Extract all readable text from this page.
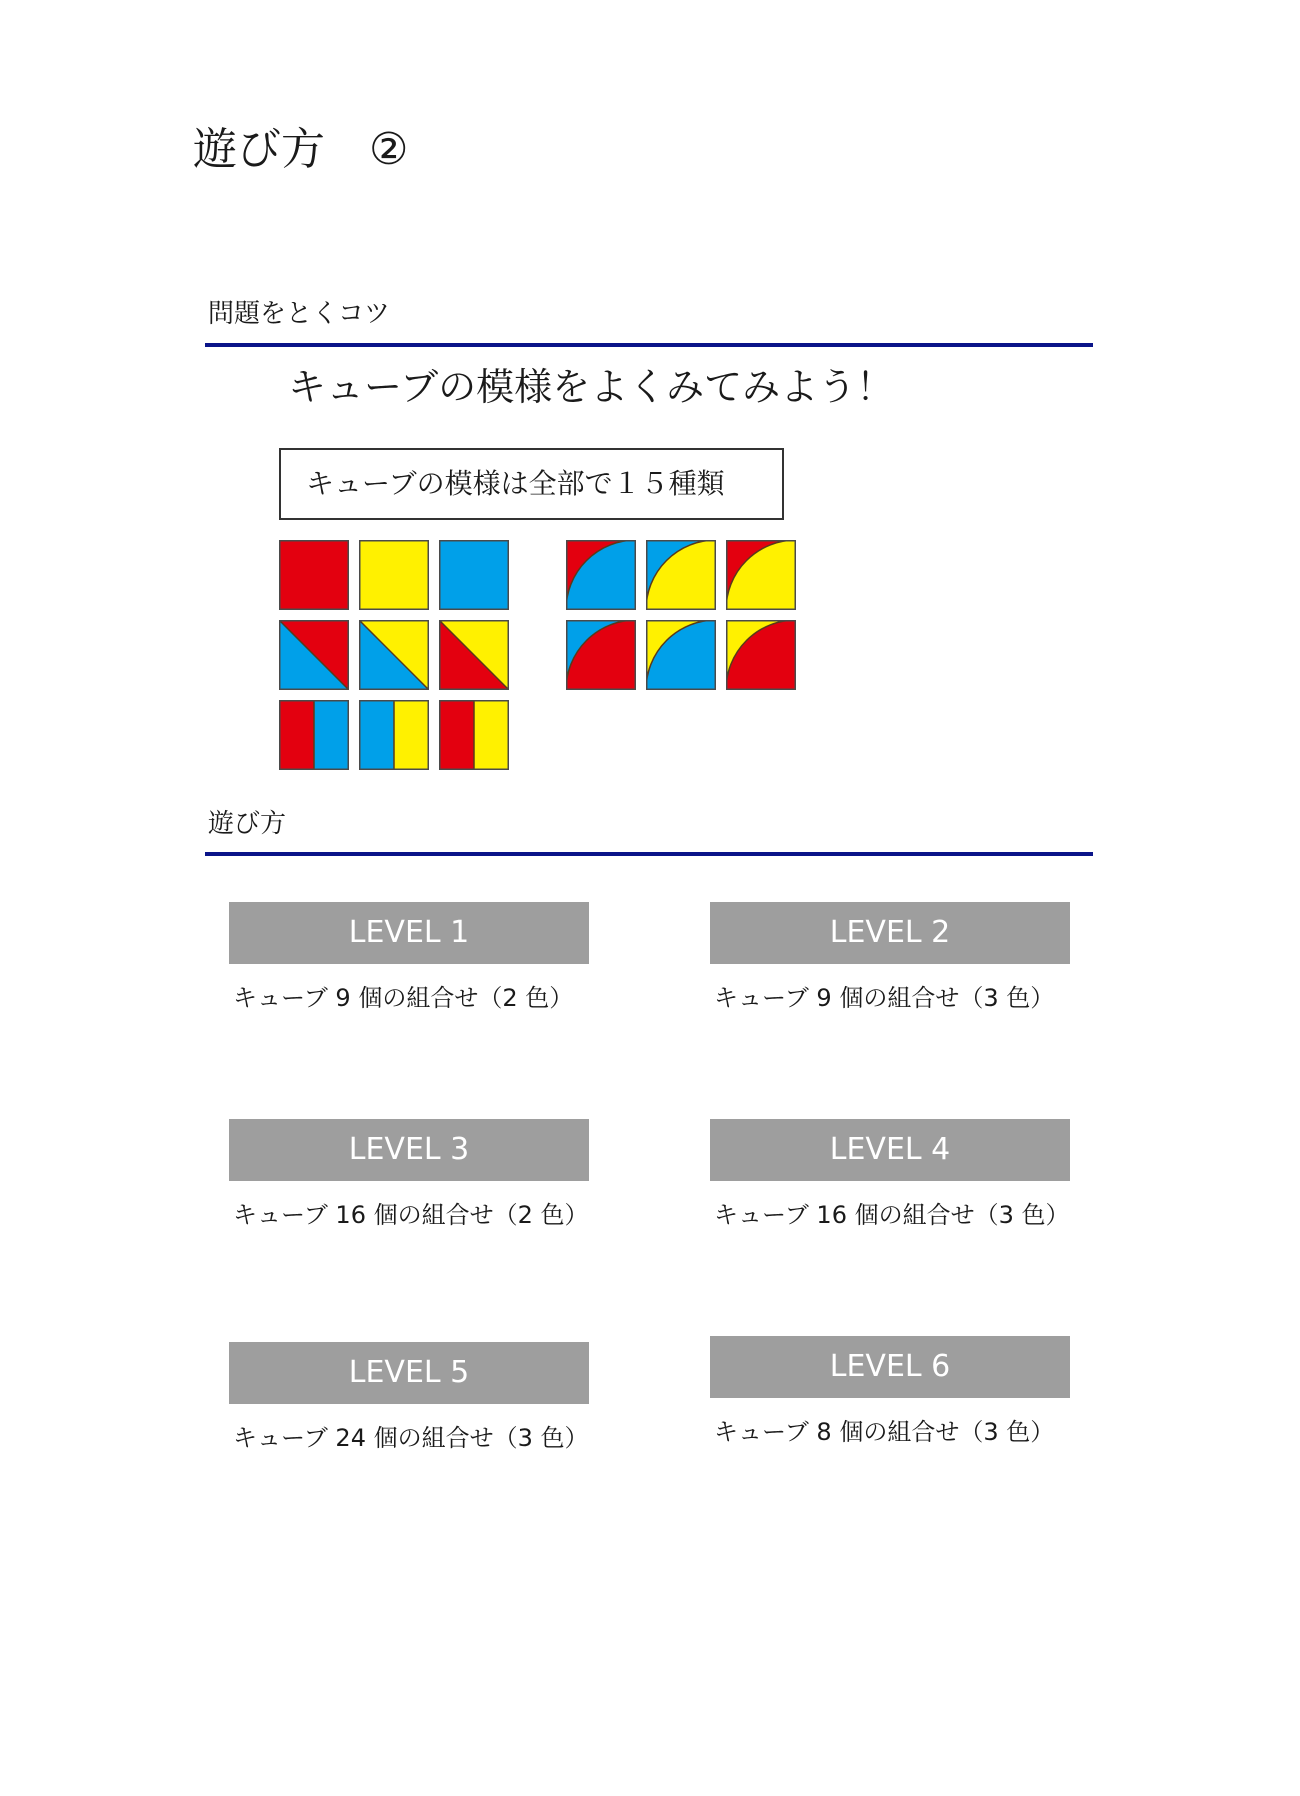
遊び方 ②
問題をとくコツ
キューブの模様をよくみてみよう！
キューブの模様は全部で１５種類
遊び方
LEVEL 1
キューブ 9 個の組合せ（2 色）
LEVEL 2
キューブ 9 個の組合せ（3 色）
LEVEL 3
キューブ 16 個の組合せ（2 色）
LEVEL 4
キューブ 16 個の組合せ（3 色）
LEVEL 5
キューブ 24 個の組合せ（3 色）
LEVEL 6
キューブ 8 個の組合せ（3 色）
